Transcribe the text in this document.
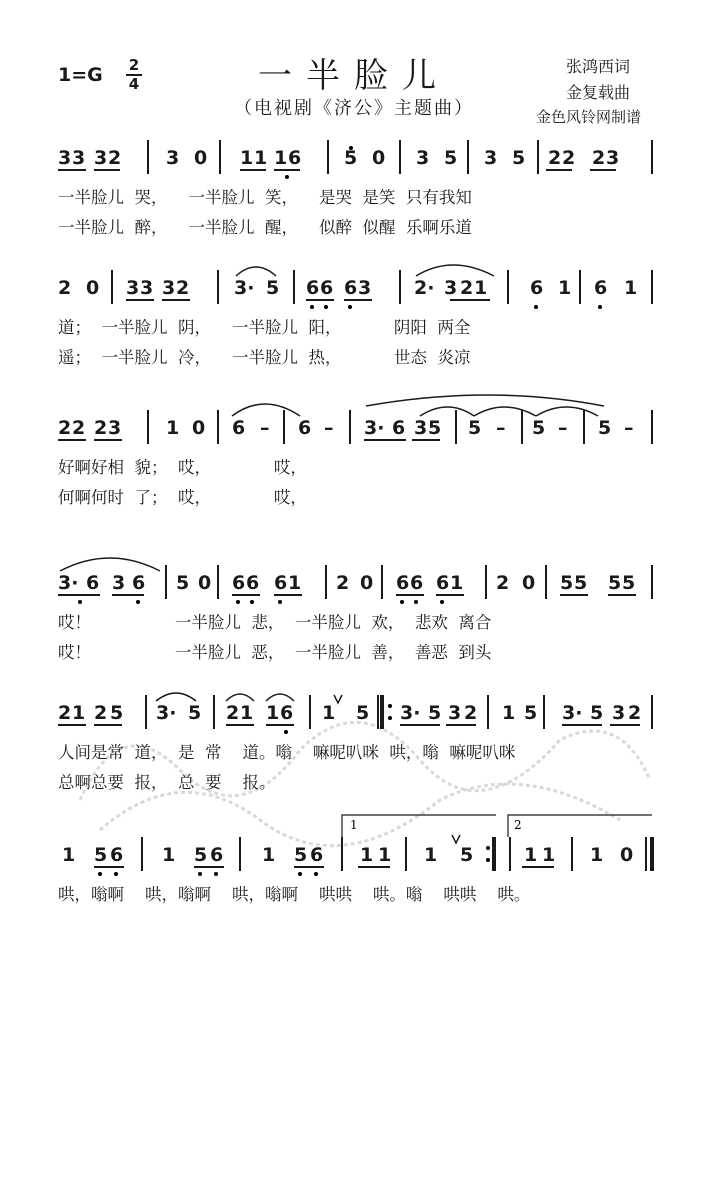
1=G	2
4	一半脸儿
（电视剧《济公》主题曲）
张鸿西词
金复载曲
金色风铃网制谱
3 3 3 2 3 0 1 1 1 6 5 0 3 5 3 5 2 2 2 3
一半脸儿  哭，    一半脸儿  笑，    是哭  是笑  只有我知
一半脸儿  醉，    一半脸儿  醒，    似醉  似醒  乐啊乐道
2 0 3 3 3 2 3· 5 6 6 6 3 2· 3 2 1 6 1 6 1
道；  一半脸儿  阴，    一半脸儿  阳，          阴阳  两全
遥；  一半脸儿  冷，    一半脸儿  热，          世态  炎凉
2 2 2 3 1 0 6 – 6 – 3· 6 3 5 5 – 5 – 5 –
好啊好相  貌；  哎，            哎，
何啊何时  了；  哎，            哎，
3· 6 3 6 5 0 6 6 6 1 2 0 6 6 6 1 2 0 5 5 5 5
哎！                一半脸儿  悲，  一半脸儿  欢，  悲欢  离合
哎！                一半脸儿  恶，  一半脸儿  善，  善恶  到头
2 1 2 5 3· 5 2 1 1 6 1 5 3· 5 3 2 1 5 3· 5 3 2
人间是常  道，  是  常    道。嗡    嘛呢叭咪  哄，嗡  嘛呢叭咪
总啊总要  报，  总  要    报。
1	2
1 5 6 1 5 6 1 5 6 1 1 1 5	1 1 1 0
哄，嗡啊    哄，嗡啊    哄，嗡啊    哄哄    哄。嗡    哄哄    哄。
